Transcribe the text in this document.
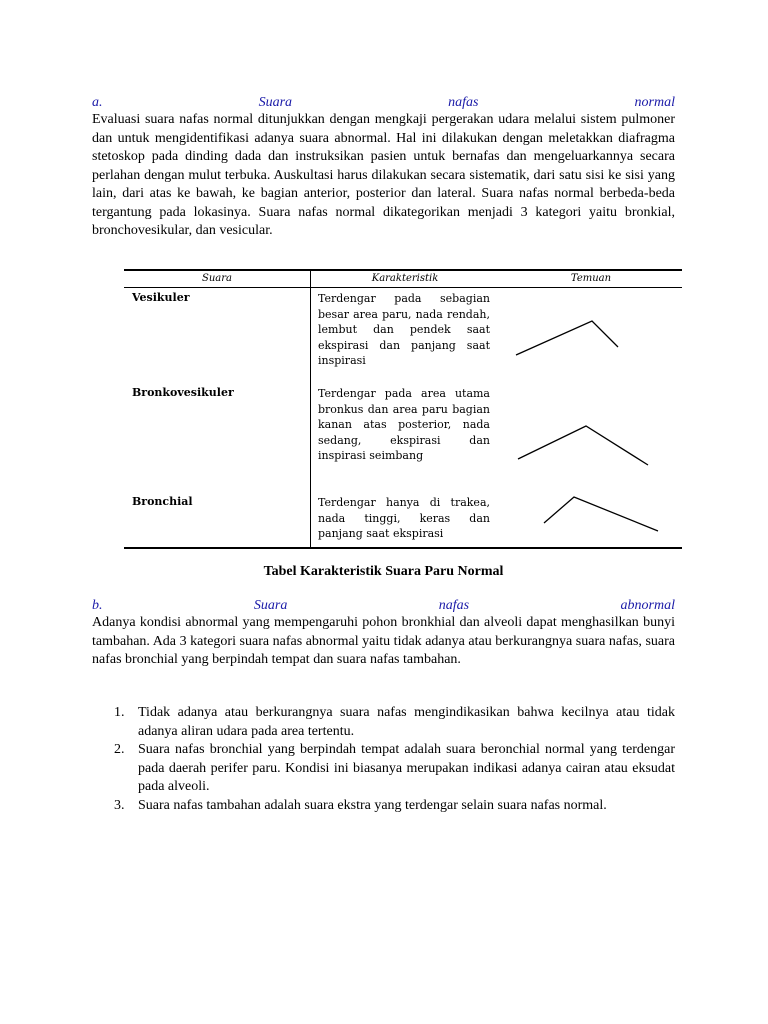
a.	Suara	nafas	normal

Evaluasi suara nafas normal ditunjukkan dengan mengkaji pergerakan udara melalui sistem pulmoner dan untuk mengidentifikasi adanya suara abnormal. Hal ini dilakukan dengan meletakkan diafragma stetoskop pada dinding dada dan instruksikan pasien untuk bernafas dan mengeluarkannya secara perlahan dengan mulut terbuka. Auskultasi harus dilakukan secara sistematik, dari satu sisi ke sisi yang lain, dari atas ke bawah, ke bagian anterior, posterior dan lateral. Suara nafas normal berbeda-beda tergantung pada lokasinya. Suara nafas normal dikategorikan menjadi 3 kategori yaitu bronkial, bronchovesikular, dan vesicular.

Suara	Karakteristik	Temuan
Vesikuler	Terdengar pada sebagian besar area paru, nada rendah, lembut dan pendek saat ekspirasi dan panjang saat inspirasi
Bronkovesikuler	Terdengar pada area utama bronkus dan area paru bagian kanan atas posterior, nada sedang, ekspirasi dan inspirasi seimbang
Bronchial	Terdengar hanya di trakea, nada tinggi, keras dan panjang saat ekspirasi
Tabel Karakteristik Suara Paru Normal
b.	Suara	nafas	abnormal

Adanya kondisi abnormal yang mempengaruhi pohon bronkhial dan alveoli dapat menghasilkan bunyi tambahan. Ada 3 kategori suara nafas abnormal yaitu tidak adanya atau berkurangnya suara nafas, suara nafas bronchial yang berpindah tempat dan suara nafas tambahan.

1. Tidak adanya atau berkurangnya suara nafas mengindikasikan bahwa kecilnya atau tidak adanya aliran udara pada area tertentu.
2. Suara nafas bronchial yang berpindah tempat adalah suara beronchial normal yang terdengar pada daerah perifer paru. Kondisi ini biasanya merupakan indikasi adanya cairan atau eksudat pada alveoli.
3. Suara nafas tambahan adalah suara ekstra yang terdengar selain suara nafas normal.
